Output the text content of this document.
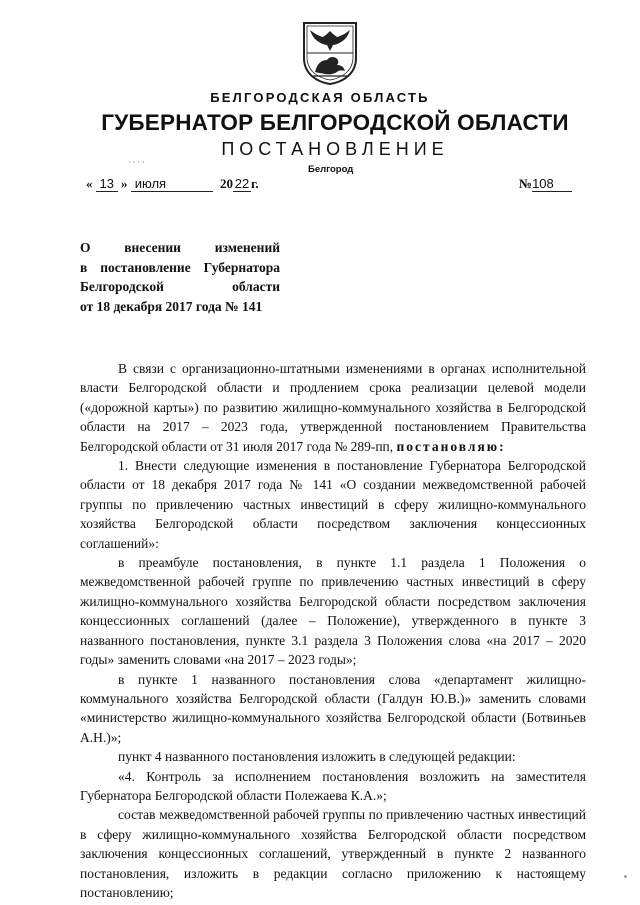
БЕЛГОРОДСКАЯ ОБЛАСТЬ
ГУБЕРНАТОР БЕЛГОРОДСКОЙ ОБЛАСТИ
ПОСТАНОВЛЕНИЕ
Белгород
« 13 » июля	20 22 г.	№108
О внесении изменений
в постановление Губернатора
Белгородской области
от 18 декабря 2017 года № 141

В связи с организационно-штатными изменениями в органах исполнительной власти Белгородской области и продлением срока реализации целевой модели («дорожной карты») по развитию жилищно-коммунального хозяйства в Белгородской области на 2017 – 2023 года, утвержденной постановлением Правительства Белгородской области от 31 июля 2017 года № 289-пп, постановляю:

1. Внести следующие изменения в постановление Губернатора Белгородской области от 18 декабря 2017 года № 141 «О создании межведомственной рабочей группы по привлечению частных инвестиций в сферу жилищно-коммунального хозяйства Белгородской области посредством заключения концессионных соглашений»:

в преамбуле постановления, в пункте 1.1 раздела 1 Положения о межведомственной рабочей группе по привлечению частных инвестиций в сферу жилищно-коммунального хозяйства Белгородской области посредством заключения концессионных соглашений (далее – Положение), утвержденного в пункте 3 названного постановления, пункте 3.1 раздела 3 Положения слова «на 2017 – 2020 годы» заменить словами «на 2017 – 2023 годы»;

в пункте 1 названного постановления слова «департамент жилищно-коммунального хозяйства Белгородской области (Галдун Ю.В.)» заменить словами «министерство жилищно-коммунального хозяйства Белгородской области (Ботвиньев А.Н.)»;

пункт 4 названного постановления изложить в следующей редакции:

«4. Контроль за исполнением постановления возложить на заместителя Губернатора Белгородской области Полежаева К.А.»;

состав межведомственной рабочей группы по привлечению частных инвестиций в сферу жилищно-коммунального хозяйства Белгородской области посредством заключения концессионных соглашений, утвержденный в пункте 2 названного постановления, изложить в редакции согласно приложению к настоящему постановлению;

· · · ·
▪
